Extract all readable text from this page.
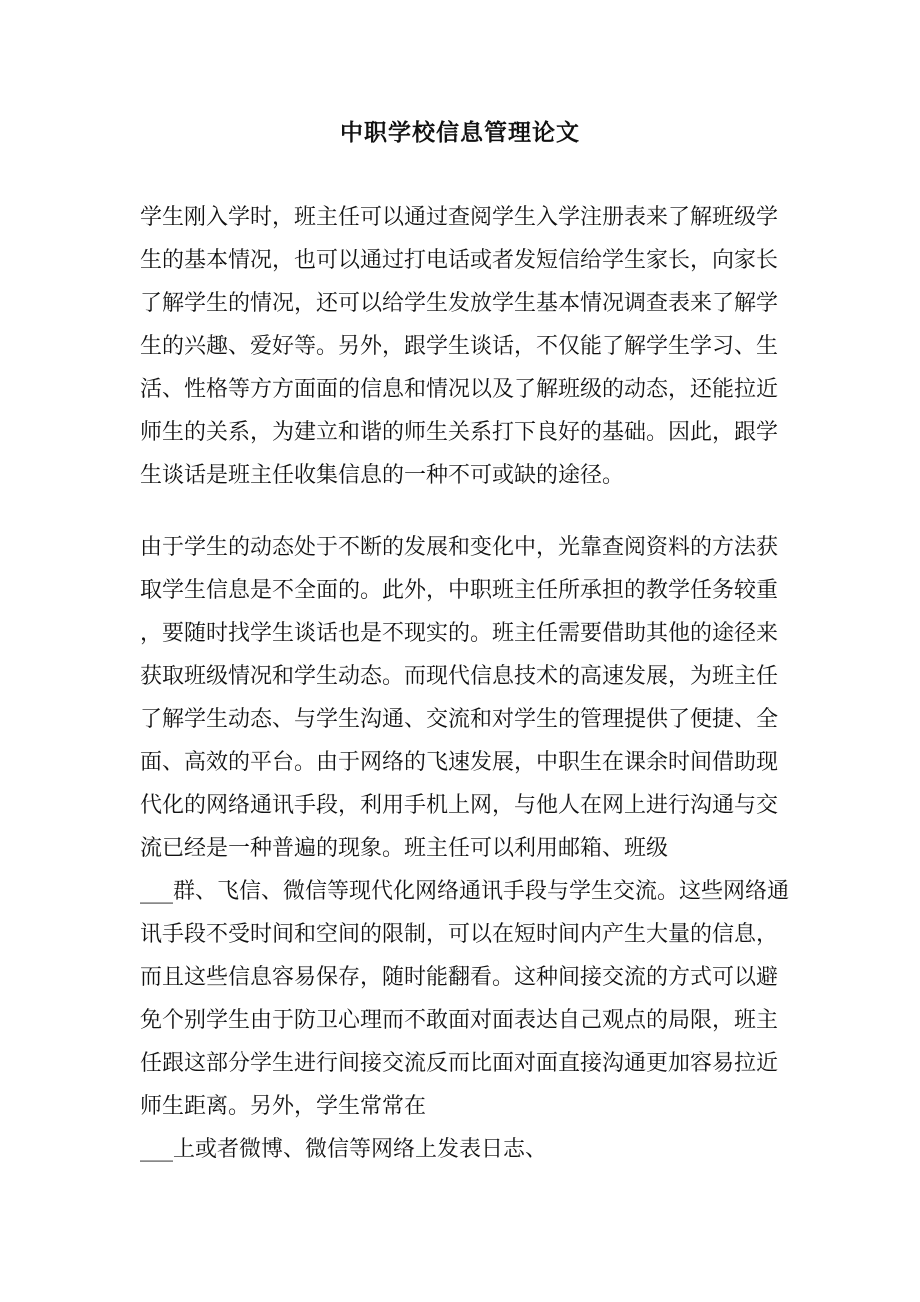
中职学校信息管理论文
学生刚入学时，班主任可以通过查阅学生入学注册表来了解班级学
生的基本情况，也可以通过打电话或者发短信给学生家长，向家长
了解学生的情况，还可以给学生发放学生基本情况调查表来了解学
生的兴趣、爱好等。另外，跟学生谈话，不仅能了解学生学习、生
活、性格等方方面面的信息和情况以及了解班级的动态，还能拉近
师生的关系，为建立和谐的师生关系打下良好的基础。因此，跟学
生谈话是班主任收集信息的一种不可或缺的途径。
由于学生的动态处于不断的发展和变化中，光靠查阅资料的方法获
取学生信息是不全面的。此外，中职班主任所承担的教学任务较重
，要随时找学生谈话也是不现实的。班主任需要借助其他的途径来
获取班级情况和学生动态。而现代信息技术的高速发展，为班主任
了解学生动态、与学生沟通、交流和对学生的管理提供了便捷、全
面、高效的平台。由于网络的飞速发展，中职生在课余时间借助现
代化的网络通讯手段，利用手机上网，与他人在网上进行沟通与交
流已经是一种普遍的现象。班主任可以利用邮箱、班级
___群、飞信、微信等现代化网络通讯手段与学生交流。这些网络通
讯手段不受时间和空间的限制，可以在短时间内产生大量的信息，
而且这些信息容易保存，随时能翻看。这种间接交流的方式可以避
免个别学生由于防卫心理而不敢面对面表达自己观点的局限，班主
任跟这部分学生进行间接交流反而比面对面直接沟通更加容易拉近
师生距离。另外，学生常常在
___上或者微博、微信等网络上发表日志、
